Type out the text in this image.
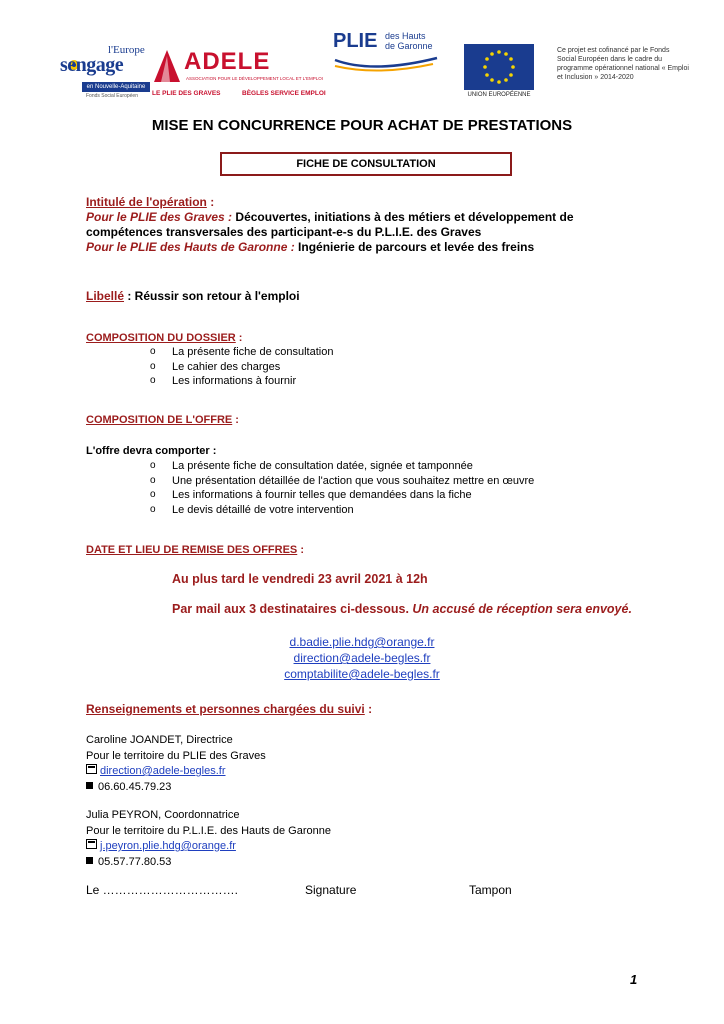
l'Europe
sengage
en Nouvelle-Aquitaine
Fonds Social Européen
ADELE
ASSOCIATION POUR LE DÉVELOPPEMENT LOCAL ET L'EMPLOI
LE PLIE DES GRAVES	BÈGLES SERVICE EMPLOI
PLIE des Hauts
de Garonne
UNION EUROPÉENNE
Ce projet est cofinancé par le Fonds Social Européen dans le cadre du programme opérationnel national « Emploi et Inclusion » 2014-2020
MISE EN CONCURRENCE POUR ACHAT DE PRESTATIONS
FICHE DE CONSULTATION
Intitulé de l'opération :
Pour le PLIE des Graves : Découvertes, initiations à des métiers et développement de compétences transversales des participant-e-s du P.L.I.E. des Graves
Pour le PLIE des Hauts de Garonne : Ingénierie de parcours et levée des freins
Libellé : Réussir son retour à l'emploi
COMPOSITION DU DOSSIER :
o La présente fiche de consultation
o Le cahier des charges
o Les informations à fournir
COMPOSITION DE L'OFFRE :
L'offre devra comporter :
o La présente fiche de consultation datée, signée et tamponnée
o Une présentation détaillée de l'action que vous souhaitez mettre en œuvre
o Les informations à fournir telles que demandées dans la fiche
o Le devis détaillé de votre intervention
DATE ET LIEU DE REMISE DES OFFRES :
Au plus tard le vendredi 23 avril 2021 à 12h
Par mail aux 3 destinataires ci-dessous. Un accusé de réception sera envoyé.
d.badie.plie.hdg@orange.fr
direction@adele-begles.fr
comptabilite@adele-begles.fr
Renseignements et personnes chargées du suivi :
Caroline JOANDET, Directrice
Pour le territoire du PLIE des Graves
direction@adele-begles.fr
06.60.45.79.23
Julia PEYRON, Coordonnatrice
Pour le territoire du P.L.I.E. des Hauts de Garonne
j.peyron.plie.hdg@orange.fr
05.57.77.80.53
Le …………………………….	Signature	Tampon
1
